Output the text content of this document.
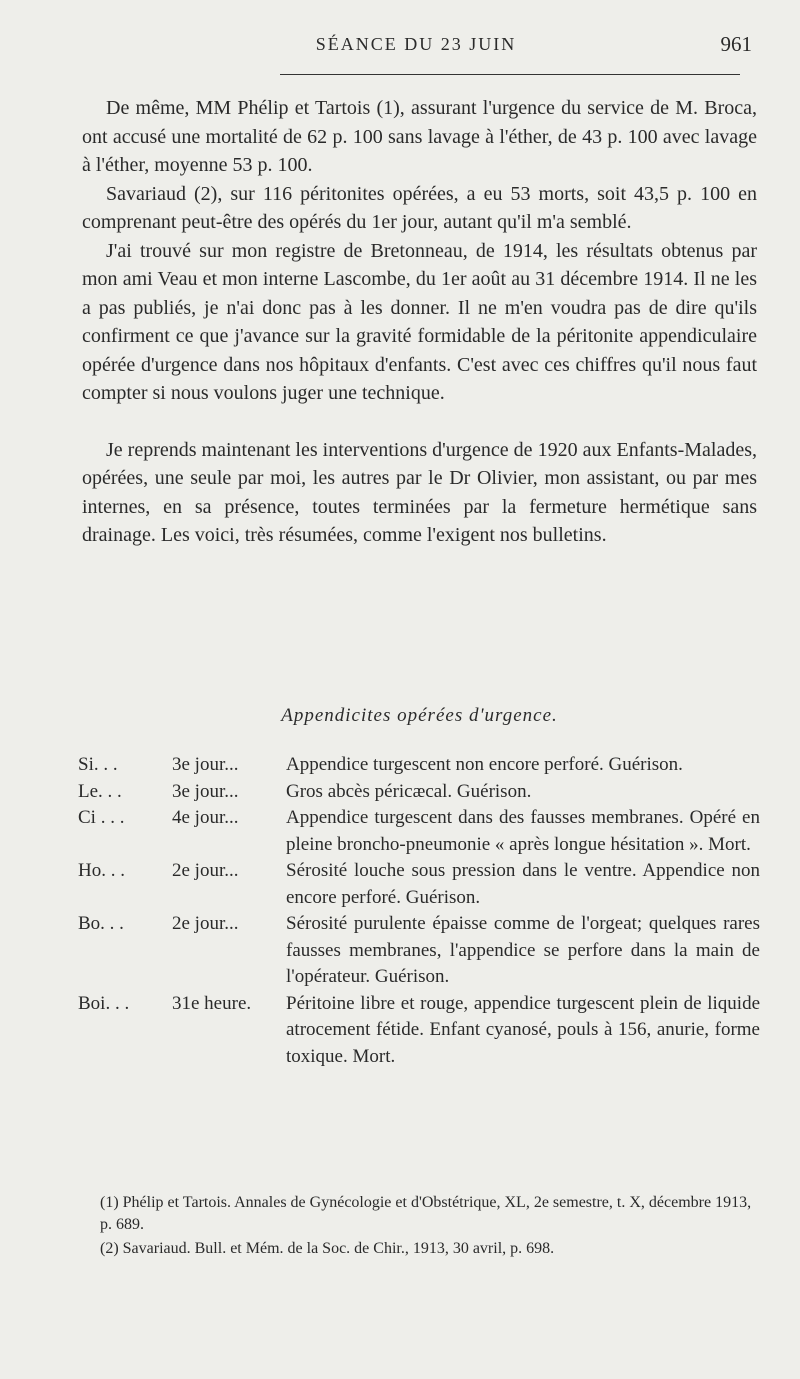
SÉANCE DU 23 JUIN	961

De même, MM Phélip et Tartois (1), assurant l'urgence du service de M. Broca, ont accusé une mortalité de 62 p. 100 sans lavage à l'éther, de 43 p. 100 avec lavage à l'éther, moyenne 53 p. 100.

Savariaud (2), sur 116 péritonites opérées, a eu 53 morts, soit 43,5 p. 100 en comprenant peut-être des opérés du 1er jour, autant qu'il m'a semblé.

J'ai trouvé sur mon registre de Bretonneau, de 1914, les résultats obtenus par mon ami Veau et mon interne Lascombe, du 1er août au 31 décembre 1914. Il ne les a pas publiés, je n'ai donc pas à les donner. Il ne m'en voudra pas de dire qu'ils confirment ce que j'avance sur la gravité formidable de la péritonite appendiculaire opérée d'urgence dans nos hôpitaux d'enfants. C'est avec ces chiffres qu'il nous faut compter si nous voulons juger une technique.

Je reprends maintenant les interventions d'urgence de 1920 aux Enfants-Malades, opérées, une seule par moi, les autres par le Dr Olivier, mon assistant, ou par mes internes, en sa présence, toutes terminées par la fermeture hermétique sans drainage. Les voici, très résumées, comme l'exigent nos bulletins.

Appendicites opérées d'urgence.
Si. . .	3e jour...	Appendice turgescent non encore perforé. Guérison.
Le. . .	3e jour...	Gros abcès péricæcal. Guérison.
Ci . . .	4e jour...	Appendice turgescent dans des fausses membranes. Opéré en pleine broncho-pneumonie « après longue hésitation ». Mort.
Ho. . .	2e jour...	Sérosité louche sous pression dans le ventre. Appendice non encore perforé. Guérison.
Bo. . .	2e jour...	Sérosité purulente épaisse comme de l'orgeat; quelques rares fausses membranes, l'appendice se perfore dans la main de l'opérateur. Guérison.
Boi. . .	31e heure.	Péritoine libre et rouge, appendice turgescent plein de liquide atrocement fétide. Enfant cyanosé, pouls à 156, anurie, forme toxique. Mort.

(1) Phélip et Tartois. Annales de Gynécologie et d'Obstétrique, XL, 2e semestre, t. X, décembre 1913, p. 689.

(2) Savariaud. Bull. et Mém. de la Soc. de Chir., 1913, 30 avril, p. 698.
